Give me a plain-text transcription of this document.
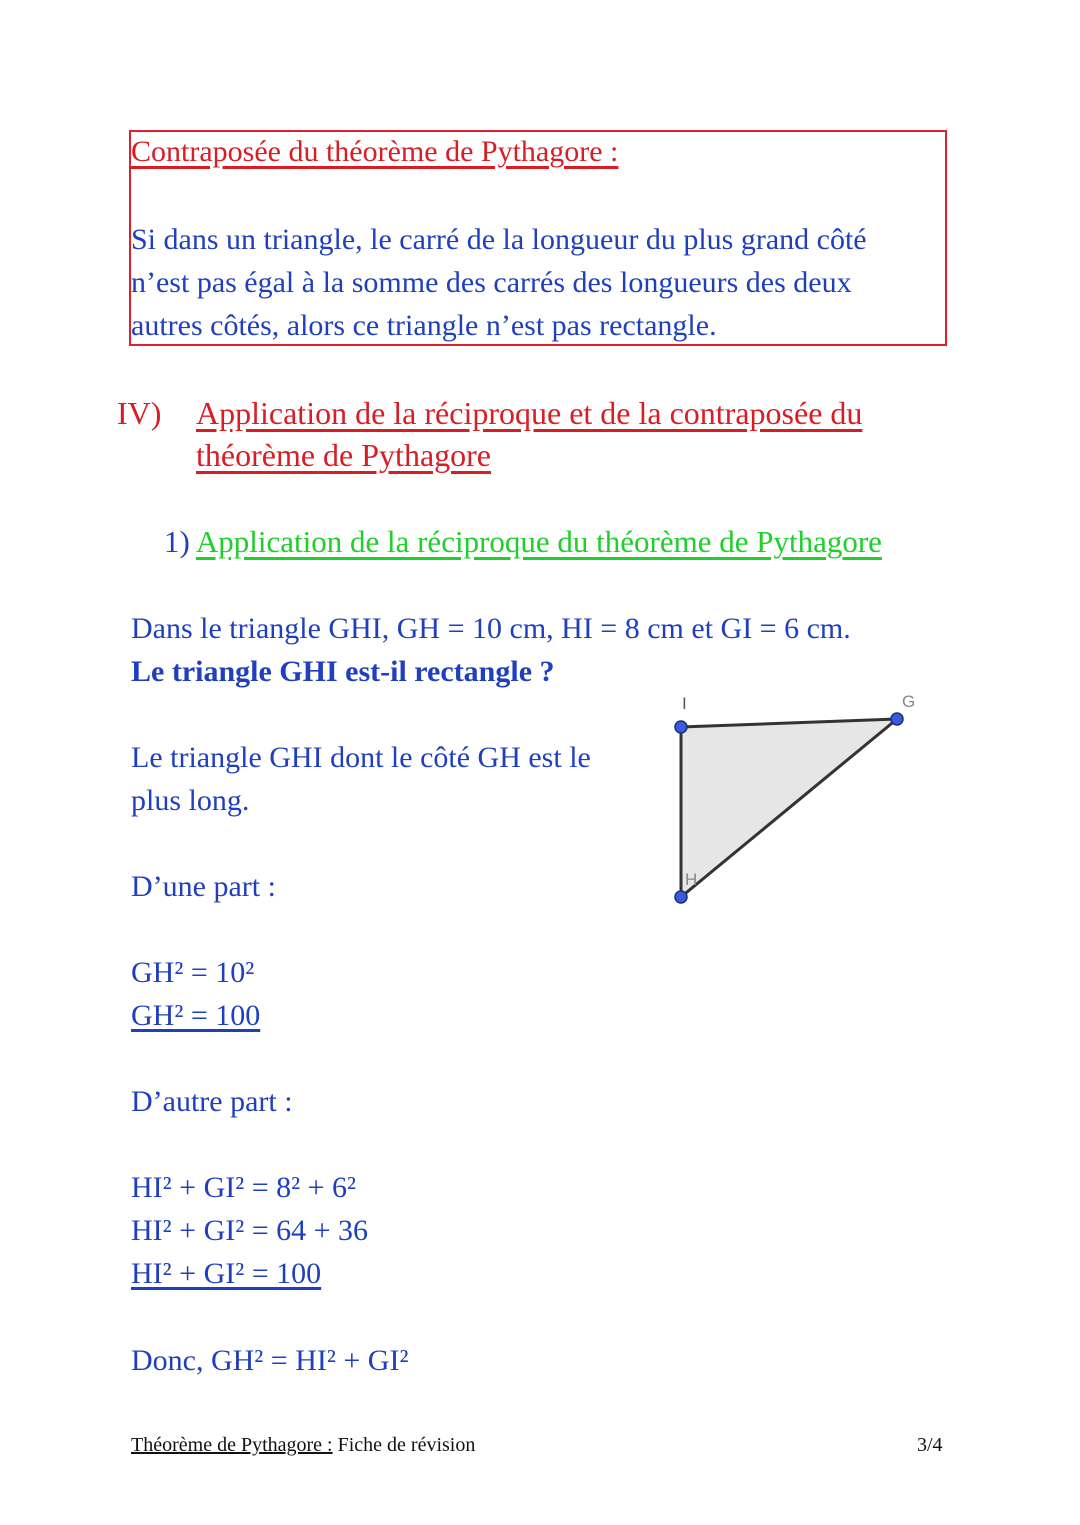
Contraposée du théorème de Pythagore :
Si dans un triangle, le carré de la longueur du plus grand côté
n’est pas égal à la somme des carrés des longueurs des deux
autres côtés, alors ce triangle n’est pas rectangle.
IV) Application de la réciproque et de la contraposée du
théorème de Pythagore
1) Application de la réciproque du théorème de Pythagore
Dans le triangle GHI, GH = 10 cm, HI = 8 cm et GI = 6 cm.
Le triangle GHI est-il rectangle ?
Le triangle GHI dont le côté GH est le
plus long.
D’une part :
GH² = 10²
GH² = 100
D’autre part :
HI² + GI² = 8² + 6²
HI² + GI² = 64 + 36
HI² + GI² = 100
Donc, GH² = HI² + GI²
I	G
H
Théorème de Pythagore : Fiche de révision	3/4
